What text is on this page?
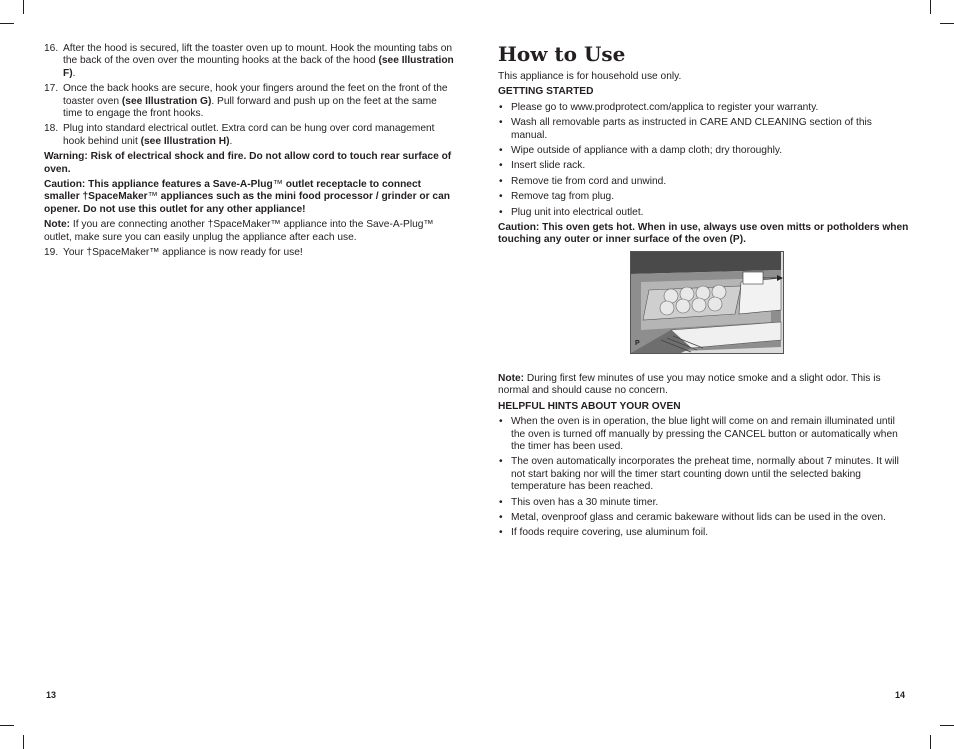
16. After the hood is secured, lift the toaster oven up to mount. Hook the mounting tabs on the back of the oven over the mounting hooks at the back of the hood (see Illustration F).
17. Once the back hooks are secure, hook your fingers around the feet on the front of the toaster oven (see Illustration G). Pull forward and push up on the feet at the same time to engage the front hooks.
18. Plug into standard electrical outlet. Extra cord can be hung over cord management hook behind unit (see Illustration H).

Warning: Risk of electrical shock and fire. Do not allow cord to touch rear surface of oven.

Caution: This appliance features a Save-A-Plug™ outlet receptacle to connect smaller †SpaceMaker™ appliances such as the mini food processor / grinder or can opener. Do not use this outlet for any other appliance!

Note: If you are connecting another †SpaceMaker™ appliance into the Save-A-Plug™ outlet, make sure you can easily unplug the appliance after each use.

19. Your †SpaceMaker™ appliance is now ready for use!
How to Use

This appliance is for household use only.

GETTING STARTED

• Please go to www.prodprotect.com/applica to register your warranty.
• Wash all removable parts as instructed in CARE AND CLEANING section of this manual.
• Wipe outside of appliance with a damp cloth; dry thoroughly.
• Insert slide rack.
• Remove tie from cord and unwind.
• Remove tag from plug.
• Plug unit into electrical outlet.

Caution: This oven gets hot. When in use, always use oven mitts or potholders when touching any outer or inner surface of the oven (P).

P

Note: During first few minutes of use you may notice smoke and a slight odor. This is normal and should cause no concern.

HELPFUL HINTS ABOUT YOUR OVEN

• When the oven is in operation, the blue light will come on and remain illuminated until the oven is turned off manually by pressing the CANCEL button or automatically when the timer has been used.
• The oven automatically incorporates the preheat time, normally about 7 minutes. It will not start baking nor will the timer start counting down until the selected baking temperature has been reached.
• This oven has a 30 minute timer.
• Metal, ovenproof glass and ceramic bakeware without lids can be used in the oven.
• If foods require covering, use aluminum foil.
13	14
